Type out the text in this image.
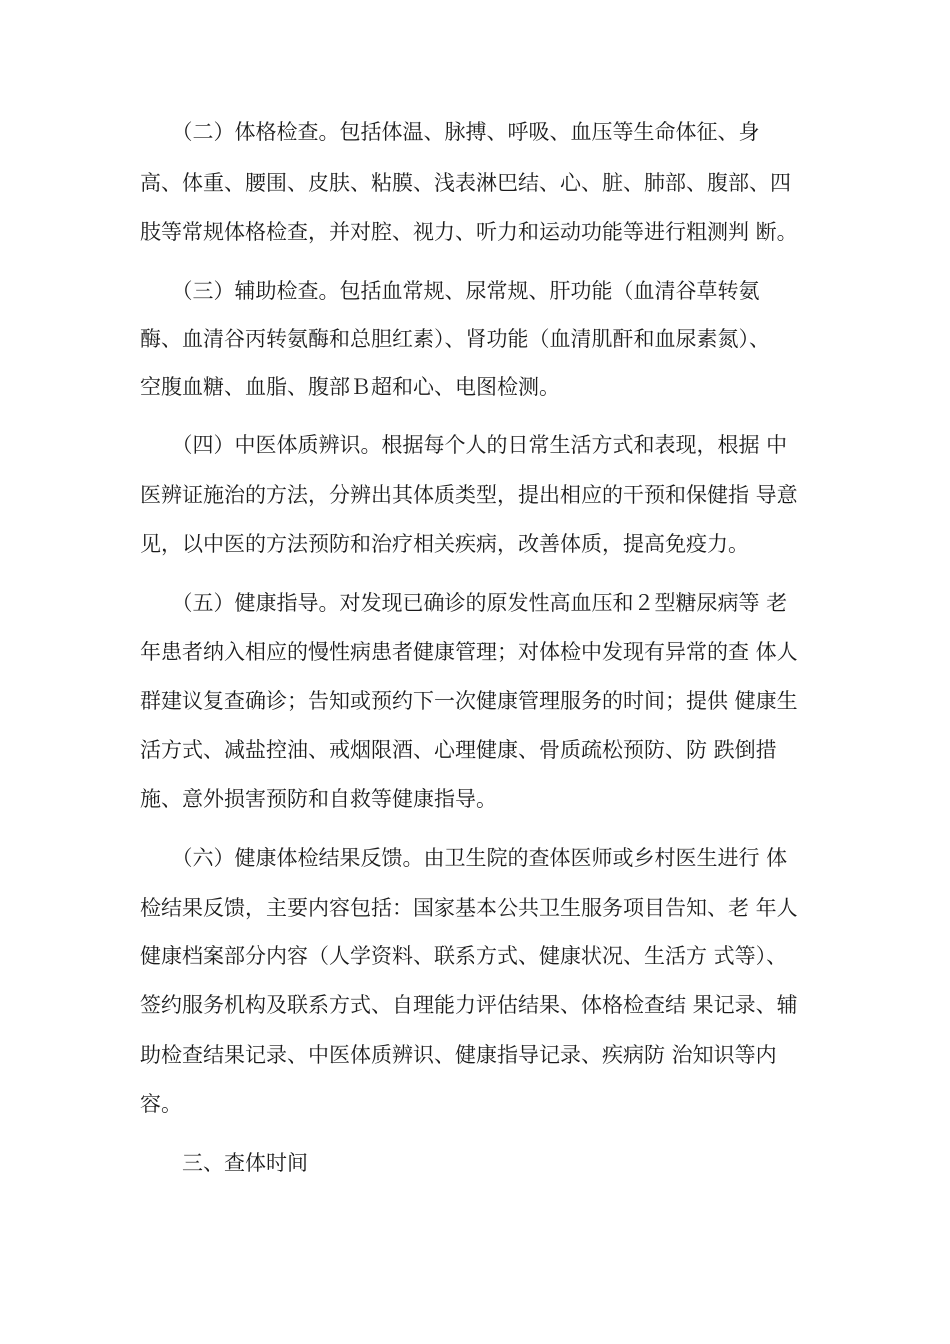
　　（二）体格检查。包括体温、脉搏、呼吸、血压等生命体征、身
高、体重、腰围、皮肤、粘膜、浅表淋巴结、心、脏、肺部、腹部、四
肢等常规体格检查，并对腔、视力、听力和运动功能等进行粗测判 断。
　　（三）辅助检查。包括血常规、尿常规、肝功能（血清谷草转氨
酶、血清谷丙转氨酶和总胆红素）、肾功能（血清肌酐和血尿素氮）、
空腹血糖、血脂、腹部Ｂ超和心、电图检测。
　　（四）中医体质辨识。根据每个人的日常生活方式和表现，根据 中
医辨证施治的方法，分辨出其体质类型，提出相应的干预和保健指 导意
见，以中医的方法预防和治疗相关疾病，改善体质，提高免疫力。
　　（五）健康指导。对发现已确诊的原发性高血压和２型糖尿病等 老
年患者纳入相应的慢性病患者健康管理；对体检中发现有异常的查 体人
群建议复查确诊；告知或预约下一次健康管理服务的时间；提供 健康生
活方式、减盐控油、戒烟限酒、心理健康、骨质疏松预防、防 跌倒措
施、意外损害预防和自救等健康指导。
　　（六）健康体检结果反馈。由卫生院的查体医师或乡村医生进行 体
检结果反馈，主要内容包括：国家基本公共卫生服务项目告知、老 年人
健康档案部分内容（人学资料、联系方式、健康状况、生活方 式等）、
签约服务机构及联系方式、自理能力评估结果、体格检查结 果记录、辅
助检查结果记录、中医体质辨识、健康指导记录、疾病防 治知识等内
容。
　　三、查体时间
